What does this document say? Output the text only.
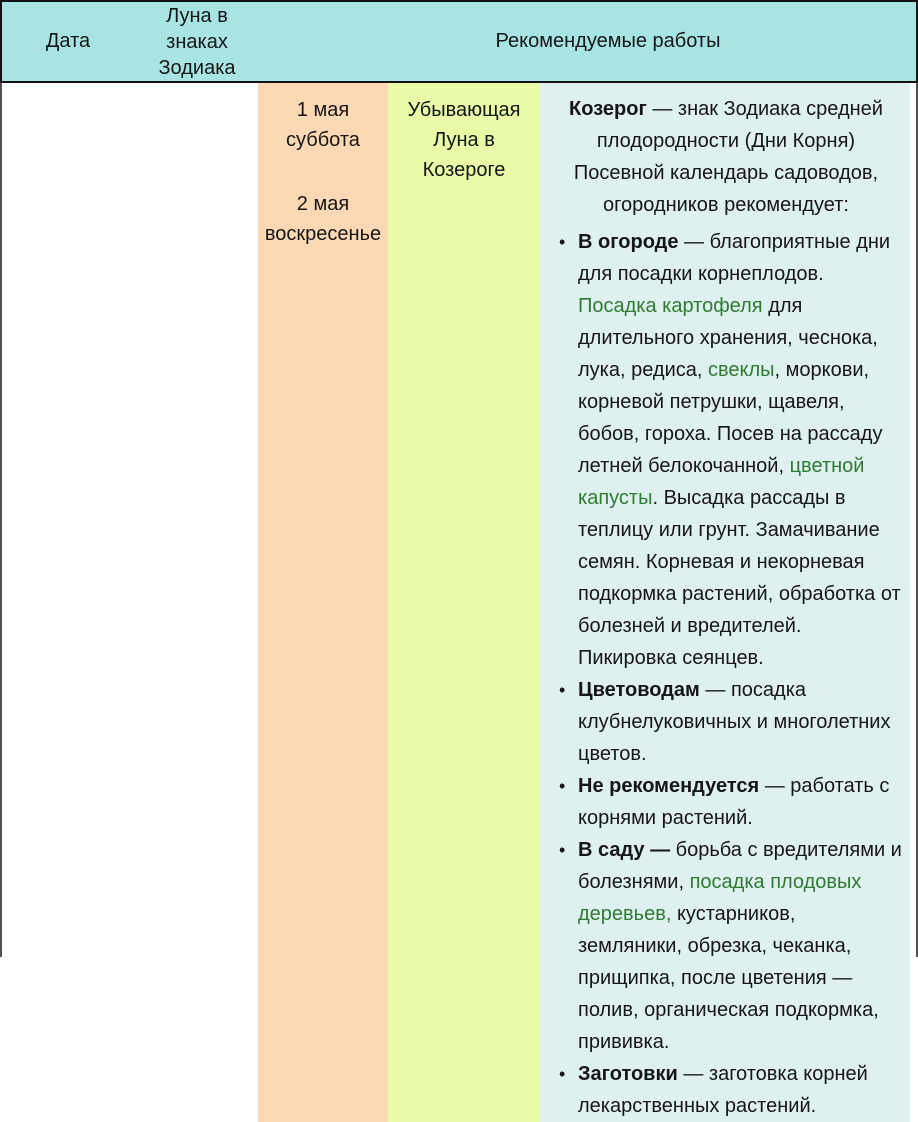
Дата
Луна в знаках Зодиака
Рекомендуемые работы
1 мая
суббота
2 мая
воскресенье
Убывающая Луна в Козероге
Козерог — знак Зодиака средней плодородности (Дни Корня) Посевной календарь садоводов, огородников рекомендует:
• В огороде — благоприятные дни для посадки корнеплодов. Посадка картофеля для длительного хранения, чеснока, лука, редиса, свеклы, моркови, корневой петрушки, щавеля, бобов, гороха. Посев на рассаду летней белокочанной, цветной капусты. Высадка рассады в теплицу или грунт. Замачивание семян. Корневая и некорневая подкормка растений, обработка от болезней и вредителей. Пикировка сеянцев.
• Цветоводам — посадка клубнелуковичных и многолетних цветов.
• Не рекомендуется — работать с корнями растений.
• В саду — борьба с вредителями и болезнями, посадка плодовых деревьев, кустарников, земляники, обрезка, чеканка, прищипка, после цветения — полив, органическая подкормка, прививка.
• Заготовки — заготовка корней лекарственных растений.
